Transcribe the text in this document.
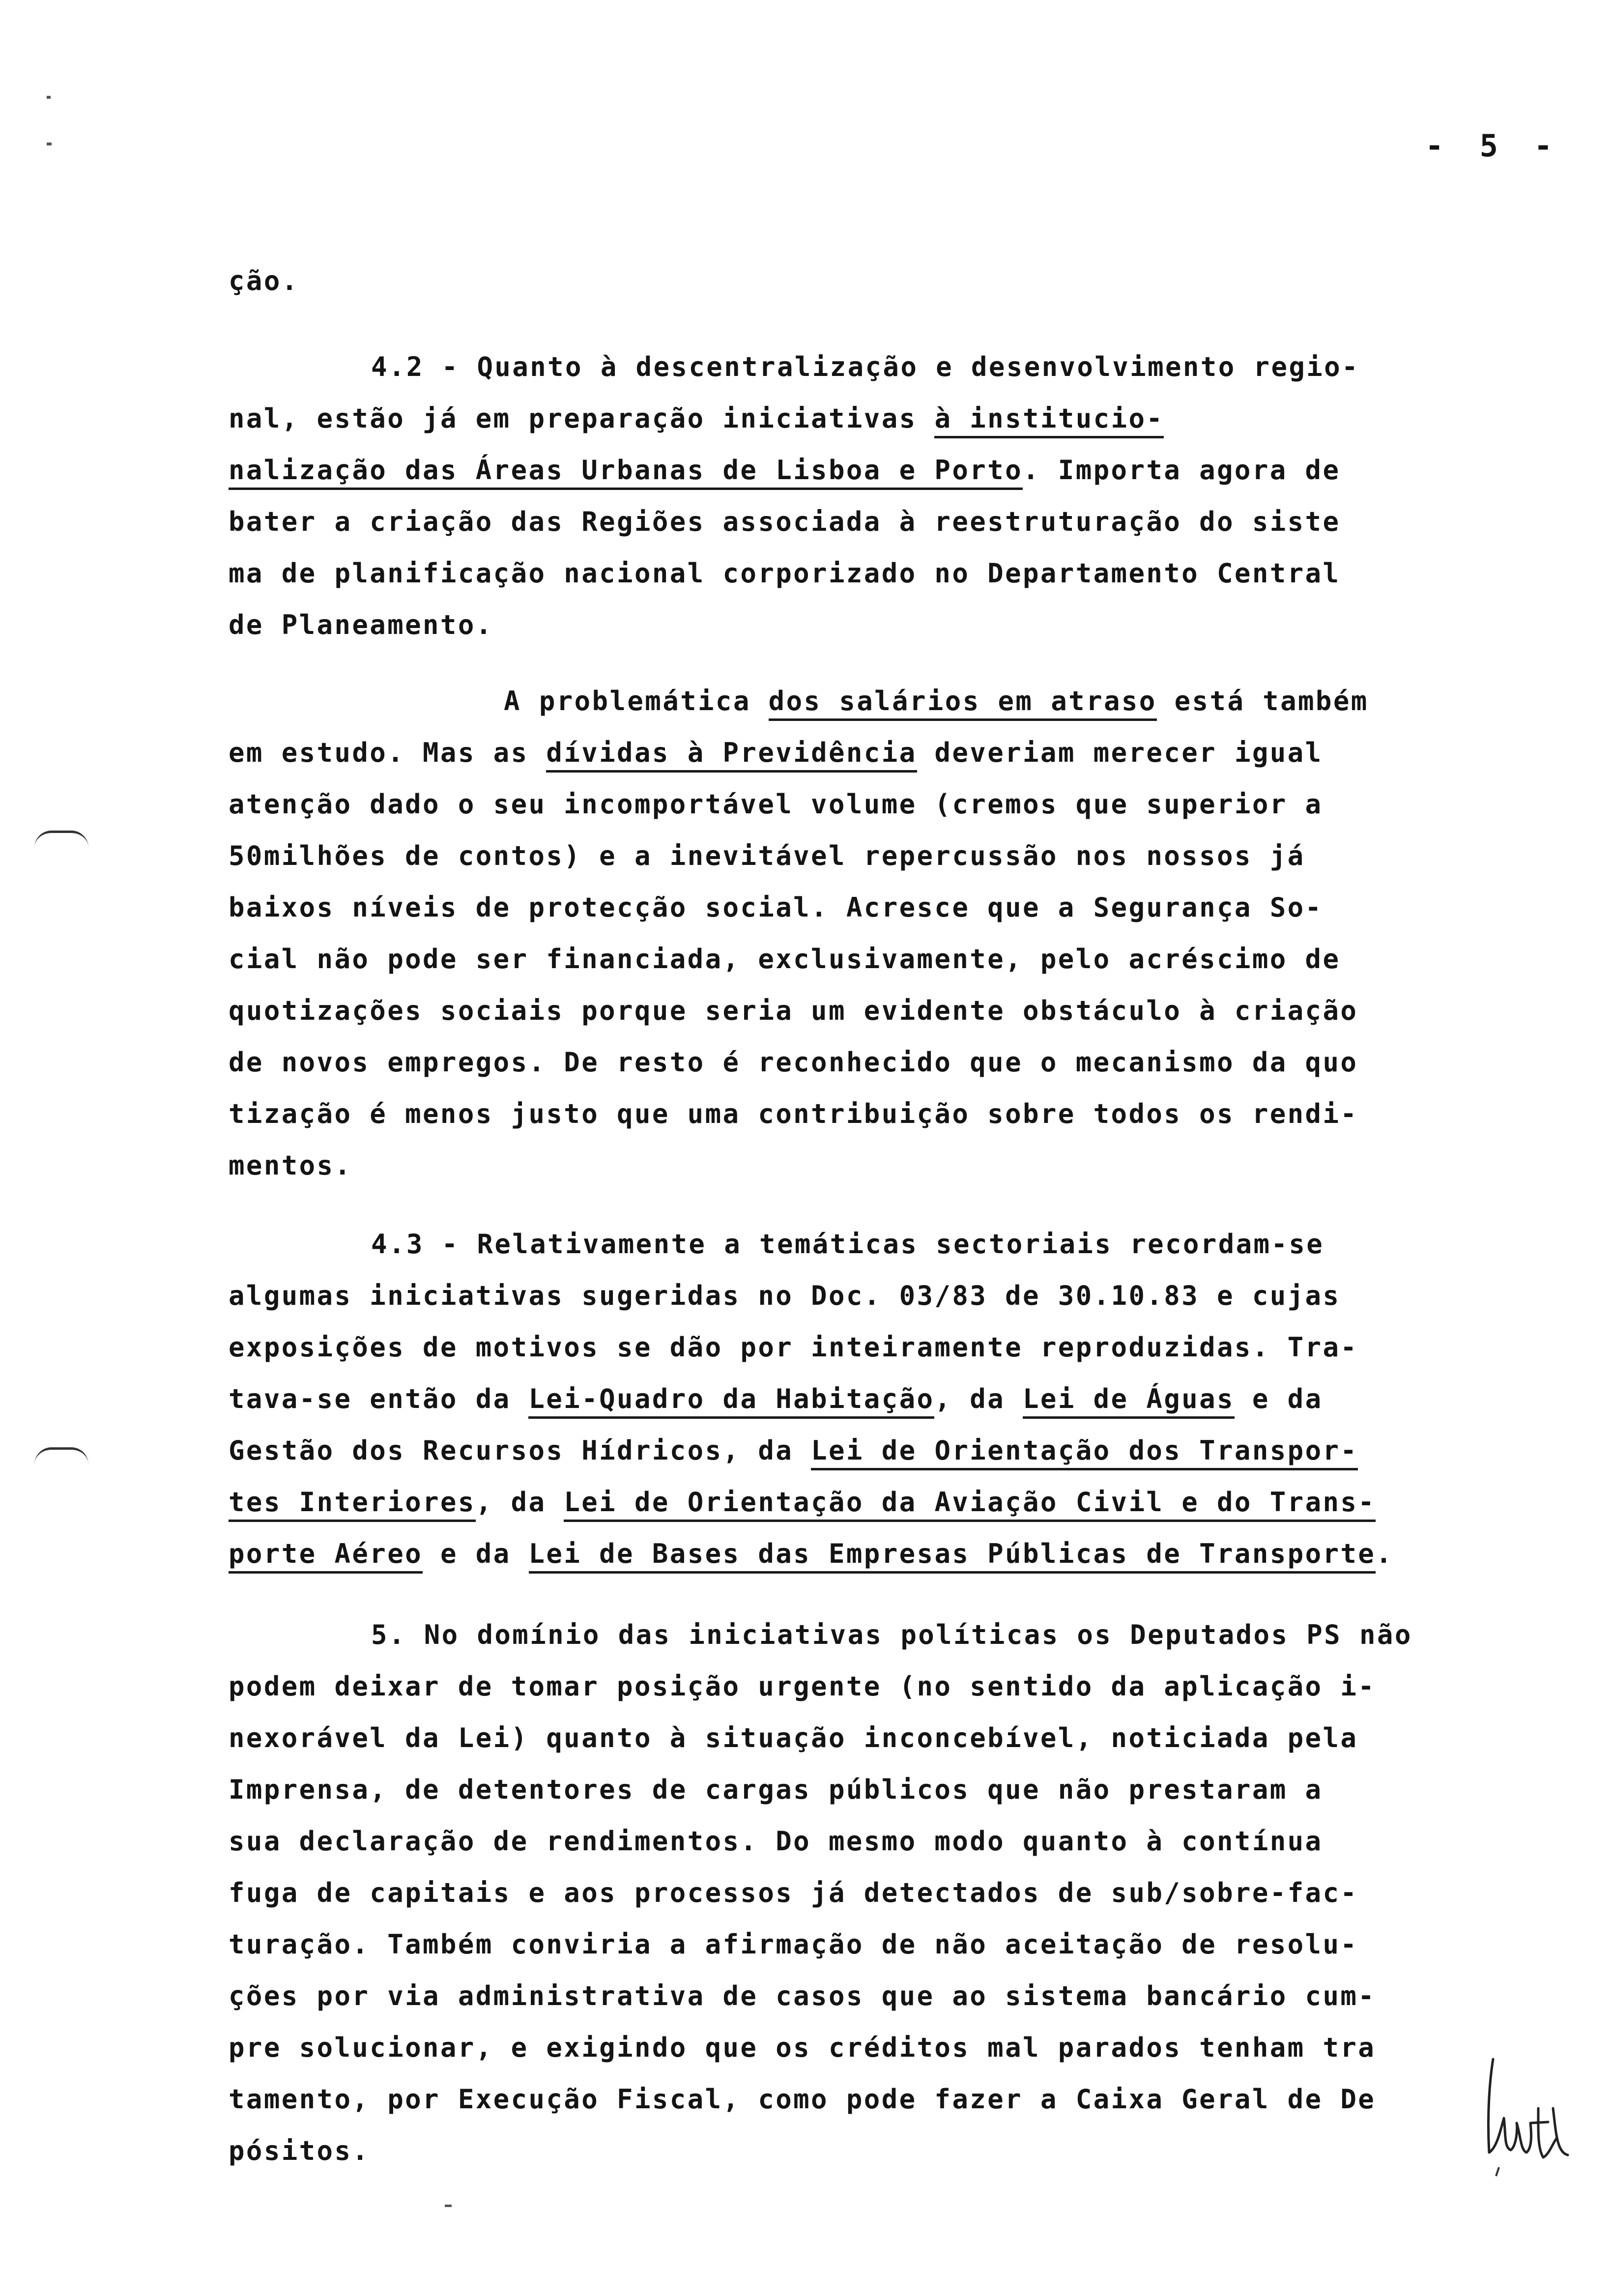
- 5 -
ção.
4.2 - Quanto à descentralização e desenvolvimento regio-
nal, estão já em preparação iniciativas à institucio-
nalização das Áreas Urbanas de Lisboa e Porto. Importa agora de
bater a criação das Regiões associada à reestruturação do siste
ma de planificação nacional corporizado no Departamento Central
de Planeamento.
A problemática dos salários em atraso está também
em estudo. Mas as dívidas à Previdência deveriam merecer igual
atenção dado o seu incomportável volume (cremos que superior a
50milhões de contos) e a inevitável repercussão nos nossos já
baixos níveis de protecção social. Acresce que a Segurança So-
cial não pode ser financiada, exclusivamente, pelo acréscimo de
quotizações sociais porque seria um evidente obstáculo à criação
de novos empregos. De resto é reconhecido que o mecanismo da quo
tização é menos justo que uma contribuição sobre todos os rendi-
mentos.
4.3 - Relativamente a temáticas sectoriais recordam-se
algumas iniciativas sugeridas no Doc. 03/83 de 30.10.83 e cujas
exposições de motivos se dão por inteiramente reproduzidas. Tra-
tava-se então da Lei-Quadro da Habitação, da Lei de Águas e da
Gestão dos Recursos Hídricos, da Lei de Orientação dos Transpor-
tes Interiores, da Lei de Orientação da Aviação Civil e do Trans-
porte Aéreo e da Lei de Bases das Empresas Públicas de Transporte.
5. No domínio das iniciativas políticas os Deputados PS não
podem deixar de tomar posição urgente (no sentido da aplicação i-
nexorável da Lei) quanto à situação inconcebível, noticiada pela
Imprensa, de detentores de cargas públicos que não prestaram a
sua declaração de rendimentos. Do mesmo modo quanto à contínua
fuga de capitais e aos processos já detectados de sub/sobre-fac-
turação. Também conviria a afirmação de não aceitação de resolu-
ções por via administrativa de casos que ao sistema bancário cum-
pre solucionar, e exigindo que os créditos mal parados tenham tra
tamento, por Execução Fiscal, como pode fazer a Caixa Geral de De
pósitos.
